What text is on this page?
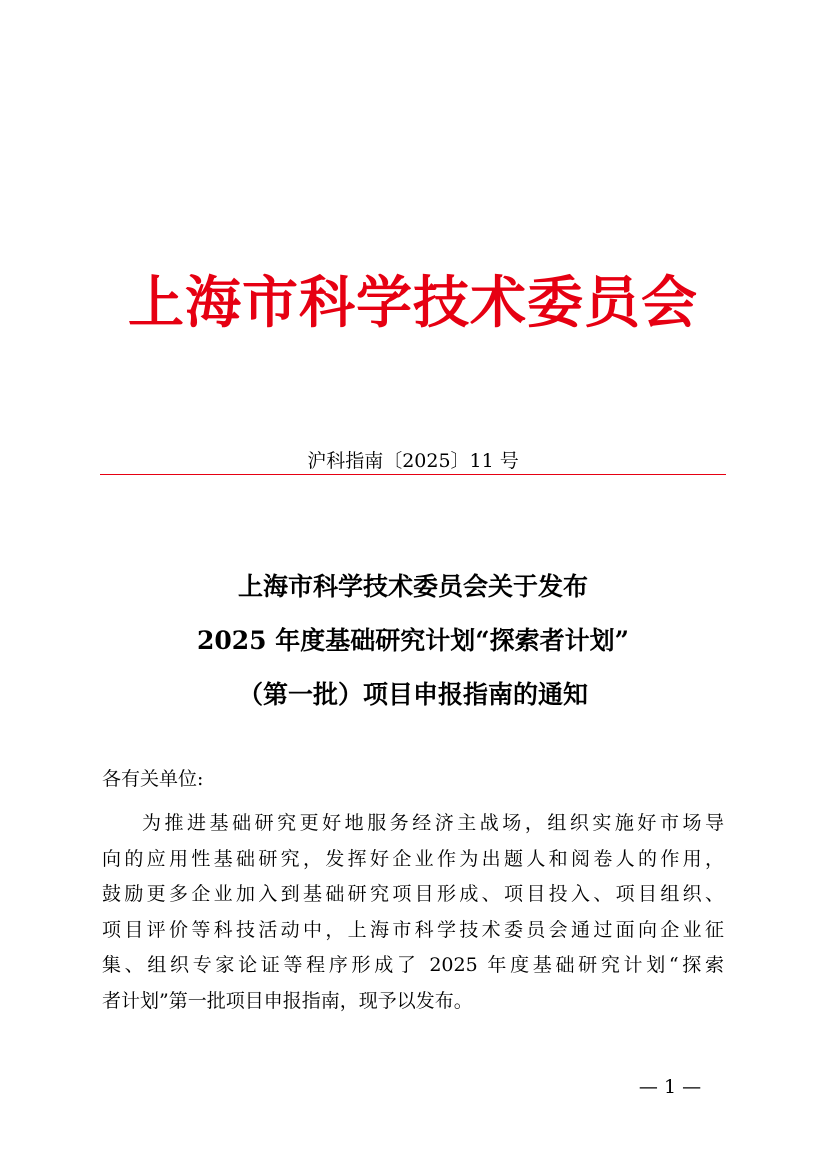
上海市科学技术委员会
沪科指南〔2025〕11 号
上海市科学技术委员会关于发布
2025 年度基础研究计划“探索者计划”
（第一批）项目申报指南的通知
各有关单位:
为推进基础研究更好地服务经济主战场，组织实施好市场导
向的应用性基础研究，发挥好企业作为出题人和阅卷人的作用，
鼓励更多企业加入到基础研究项目形成、项目投入、项目组织、
项目评价等科技活动中，上海市科学技术委员会通过面向企业征
集、组织专家论证等程序形成了 2025 年度基础研究计划“探索
者计划”第一批项目申报指南，现予以发布。
— 1 —
